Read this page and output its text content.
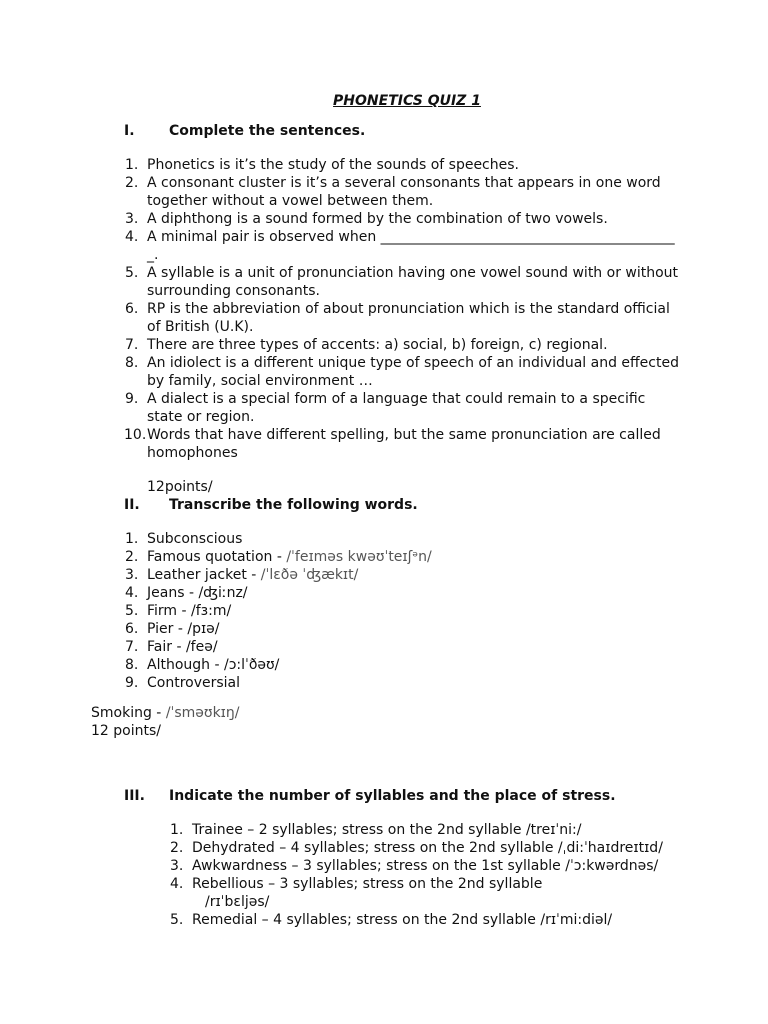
PHONETICS QUIZ 1
I. Complete the sentences.
1. Phonetics is it’s the study of the sounds of speeches.
2. A consonant cluster is it’s a several consonants that appears in one word together without a vowel between them.
3. A diphthong is a sound formed by the combination of two vowels.
4. A minimal pair is observed when ___________________________________________.
5. A syllable is a unit of pronunciation having one vowel sound with or without surrounding consonants.
6. RP is the abbreviation of about pronunciation which is the standard official of British (U.K).
7. There are three types of accents: a) social, b) foreign, c) regional.
8. An idiolect is a different unique type of speech of an individual and effected by family, social environment …
9. A dialect is a special form of a language that could remain to a specific state or region.
10. Words that have different spelling, but the same pronunciation are called homophones
12points/
II. Transcribe the following words.
1. Subconscious
2. Famous quotation - /ˈfeɪməs kwəʊˈteɪʃᵊn/
3. Leather jacket - /ˈlɛðə ˈʤækɪt/
4. Jeans - /ʤiːnz/
5. Firm - /fɜ:m/
6. Pier - /pɪə/
7. Fair - /feə/
8. Although - /ɔ:lˈðəʊ/
9. Controversial
Smoking - /ˈsməʊkɪŋ/
12 points/
III. Indicate the number of syllables and the place of stress.
1. Trainee – 2 syllables; stress on the 2nd syllable /treɪˈni:/
2. Dehydrated – 4 syllables; stress on the 2nd syllable /ˌdi:ˈhaɪdreɪtɪd/
3. Awkwardness – 3 syllables; stress on the 1st syllable /ˈɔ:kwərdnəs/
4. Rebellious – 3 syllables; stress on the 2nd syllable
/rɪˈbɛljəs/
5. Remedial – 4 syllables; stress on the 2nd syllable /rɪˈmi:diəl/
